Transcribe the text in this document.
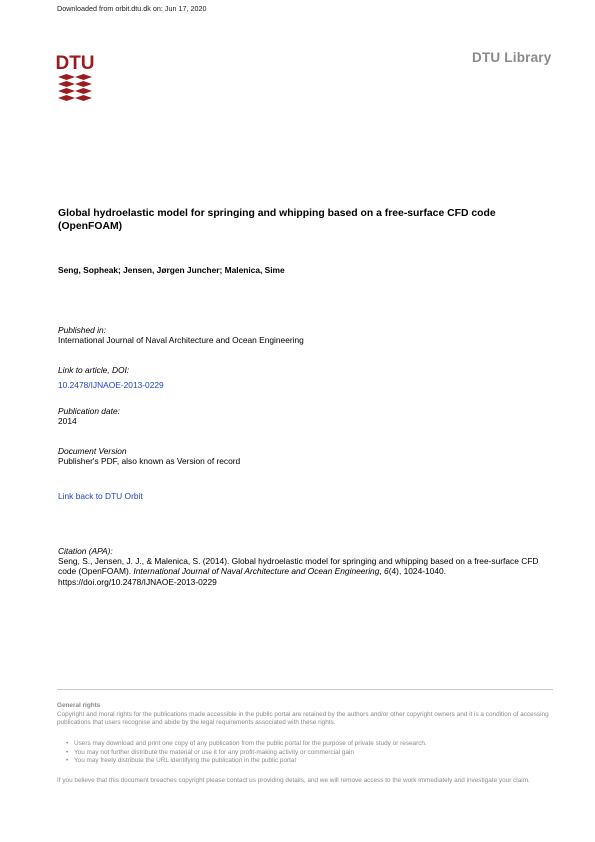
Downloaded from orbit.dtu.dk on: Jun 17, 2020
DTU	DTU Library
Global hydroelastic model for springing and whipping based on a free-surface CFD code (OpenFOAM)
Seng, Sopheak; Jensen, Jørgen Juncher; Malenica, Sime
Published in:
International Journal of Naval Architecture and Ocean Engineering
Link to article, DOI:
10.2478/IJNAOE-2013-0229
Publication date:
2014
Document Version
Publisher's PDF, also known as Version of record
Link back to DTU Orbit
Citation (APA):
Seng, S., Jensen, J. J., & Malenica, S. (2014). Global hydroelastic model for springing and whipping based on a free-surface CFD code (OpenFOAM). International Journal of Naval Architecture and Ocean Engineering, 6(4), 1024-1040. https://doi.org/10.2478/IJNAOE-2013-0229
General rights
Copyright and moral rights for the publications made accessible in the public portal are retained by the authors and/or other copyright owners and it is a condition of accessing publications that users recognise and abide by the legal requirements associated with these rights.
• Users may download and print one copy of any publication from the public portal for the purpose of private study or research.
• You may not further distribute the material or use it for any profit-making activity or commercial gain
• You may freely distribute the URL identifying the publication in the public portal
If you believe that this document breaches copyright please contact us providing details, and we will remove access to the work immediately and investigate your claim.
